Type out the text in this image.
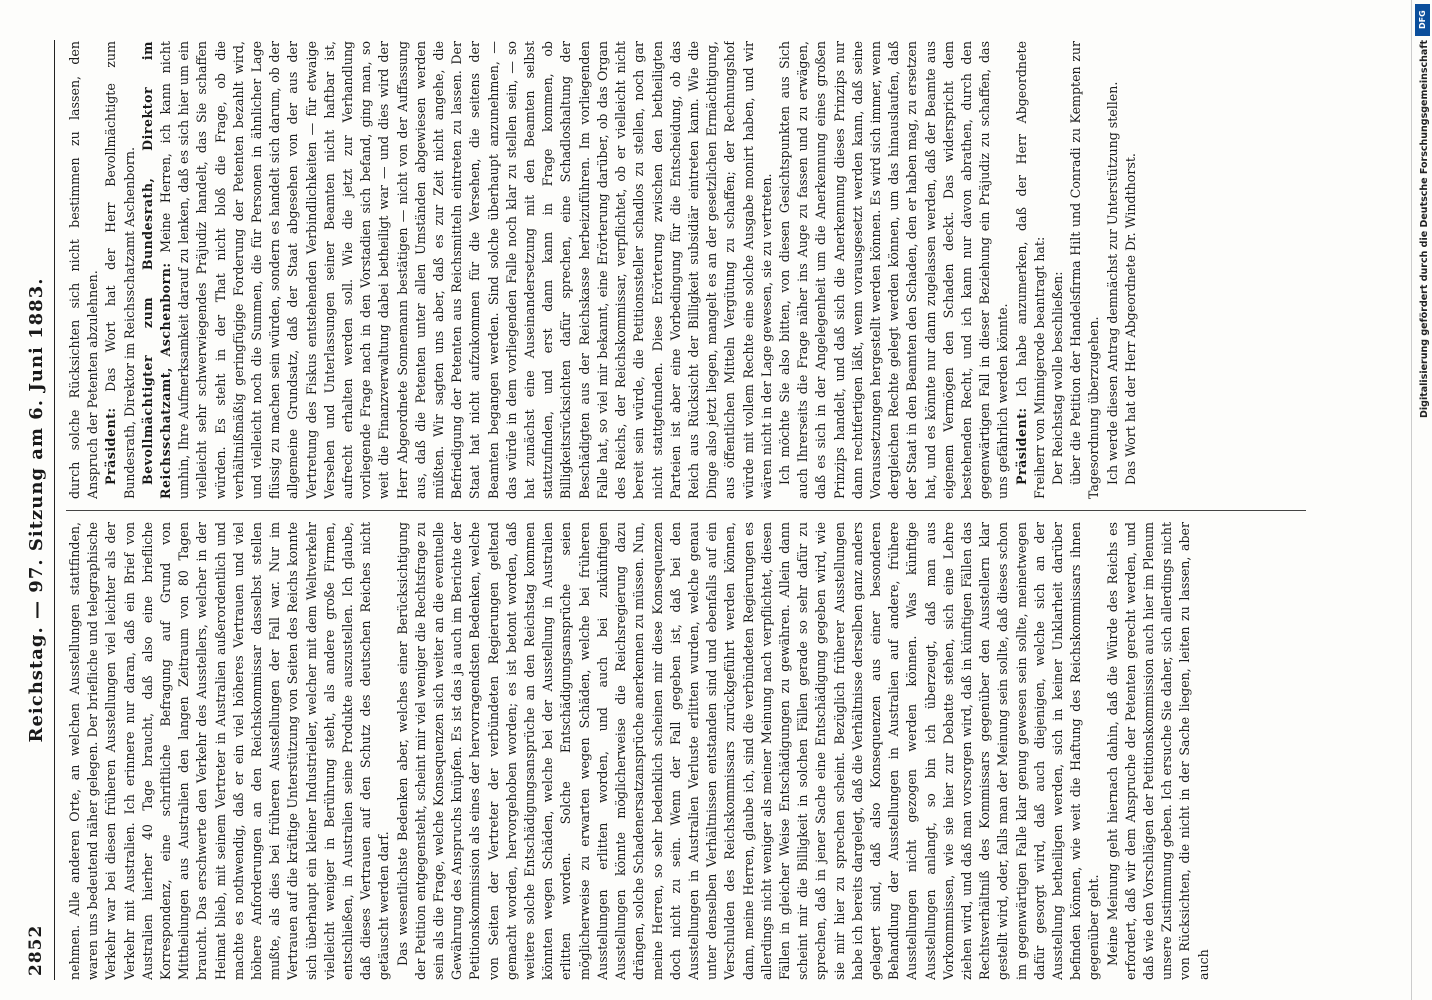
2852
Reichstag. — 97. Sitzung am 6. Juni 1883.

nehmen. Alle anderen Orte, an welchen Ausstellungen stattfinden, waren uns bedeutend näher gelegen. Der briefliche und telegraphische Verkehr war bei diesen früheren Ausstellungen viel leichter als der Verkehr mit Australien. Ich erinnere nur daran, daß ein Brief von Australien hierher 40 Tage braucht, daß also eine briefliche Korrespondenz, eine schriftliche Befragung auf Grund von Mittheilungen aus Australien den langen Zeitraum von 80 Tagen braucht. Das erschwerte den Verkehr des Ausstellers, welcher in der Heimat blieb, mit seinem Vertreter in Australien außerordentlich und machte es nothwendig, daß er ein viel höheres Vertrauen und viel höhere Anforderungen an den Reichskommissar dasselbst stellen mußte, als dies bei früheren Ausstellungen der Fall war. Nur im Vertrauen auf die kräftige Unterstützung von Seiten des Reichs konnte sich überhaupt ein kleiner Industrieller, welcher mit dem Weltverkehr vielleicht weniger in Berührung steht, als andere große Firmen, entschließen, in Australien seine Produkte auszustellen. Ich glaube, daß dieses Vertrauen auf den Schutz des deutschen Reiches nicht getäuscht werden darf. Das wesentlichste Bedenken aber, welches einer Berücksichtigung der Petition entgegensteht, scheint mir viel weniger die Rechtsfrage zu sein als die Frage, welche Konsequenzen sich weiter an die eventuelle Gewährung des Anspruchs knüpfen. Es ist das ja auch im Berichte der Petitionskommission als eines der hervorragendsten Bedenken, welche von Seiten der Vertreter der verbündeten Regierungen geltend gemacht worden, hervorgehoben worden; es ist betont worden, daß weitere solche Entschädigungsansprüche an den Reichstag kommen könnten wegen Schäden, welche bei der Ausstellung in Australien erlitten worden. Solche Entschädigungsansprüche seien möglicherweise zu erwarten wegen Schäden, welche bei früheren Ausstellungen erlitten worden, und auch bei zukünftigen Ausstellungen könnte möglicherweise die Reichsregierung dazu drängen, solche Schadenersatzansprüche anerkennen zu müssen. Nun, meine Herren, so sehr bedenklich scheinen mir diese Konsequenzen doch nicht zu sein. Wenn der Fall gegeben ist, daß bei den Ausstellungen in Australien Verluste erlitten wurden, welche genau unter denselben Verhältnissen entstanden sind und ebenfalls auf ein Verschulden des Reichskommissars zurückgeführt werden können, dann, meine Herren, glaube ich, sind die verbündeten Regierungen es allerdings nicht weniger als meiner Meinung nach verpflichtet, diesen Fällen in gleicher Weise Entschädigungen zu gewähren. Allein dann scheint mir die Billigkeit in solchen Fällen gerade so sehr dafür zu sprechen, daß in jener Sache eine Entschädigung gegeben wird, wie sie mir hier zu sprechen scheint. Bezüglich früherer Ausstellungen habe ich bereits dargelegt, daß die Verhältnisse derselben ganz anders gelagert sind, daß also Konsequenzen aus einer besonderen Behandlung der Ausstellungen in Australien auf andere, frühere Ausstellungen nicht gezogen werden können. Was künftige Ausstellungen anlangt, so bin ich überzeugt, daß man aus Vorkommnissen, wie sie hier zur Debatte stehen, sich eine Lehre ziehen wird, und daß man vorsorgen wird, daß in künftigen Fällen das Rechtsverhältniß des Kommissars gegenüber den Ausstellern klar gestellt wird, oder, falls man der Meinung sein sollte, daß dieses schon im gegenwärtigen Falle klar genug gewesen sein sollte, meinetwegen dafür gesorgt wird, daß auch diejenigen, welche sich an der Ausstellung betheiligen werden, sich in keiner Unklarheit darüber befinden können, wie weit die Haftung des Reichskommissars ihnen gegenüber geht. Meine Meinung geht hiernach dahin, daß die Würde des Reichs es erfordert, daß wir dem Anspruche der Petenten gerecht werden, und daß wie den Vorschlägen der Petitionskommission auch hier im Plenum unsere Zustimmung geben. Ich ersuche Sie daher, sich allerdings nicht von Rücksichten, die nicht in der Sache liegen, leiten zu lassen, aber auch

durch solche Rücksichten sich nicht bestimmen zu lassen, den Anspruch der Petenten abzulehnen. Präsident: Das Wort hat der Herr Bevollmächtigte zum Bundesrath, Direktor im Reichsschatzamt Aschenborn. Bevollmächtigter zum Bundesrath, Direktor im Reichsschatzamt, Aschenborn: Meine Herren, ich kann nicht umhin, Ihre Aufmerksamkeit darauf zu lenken, daß es sich hier um ein vielleicht sehr schwerwiegendes Präjudiz handelt, das Sie schaffen würden. Es steht in der That nicht bloß die Frage, ob die verhältnißmäßig geringfügige Forderung der Petenten bezahlt wird, und vielleicht noch die Summen, die für Personen in ähnlicher Lage flüssig zu machen sein würden, sondern es handelt sich darum, ob der allgemeine Grundsatz, daß der Staat abgesehen von der aus der Vertretung des Fiskus entstehenden Verbindlichkeiten — für etwaige Versehen und Unterlassungen seiner Beamten nicht haftbar ist, aufrecht erhalten werden soll. Wie die jetzt zur Verhandlung vorliegende Frage nach in den Vorstadien sich befand, ging man, so weit die Finanzverwaltung dabei betheiligt war — und dies wird der Herr Abgeordnete Sonnemann bestätigen — nicht von der Auffassung aus, daß die Petenten unter allen Umständen abgewiesen werden müßten. Wir sagten uns aber, daß es zur Zeit nicht angehe, die Befriedigung der Petenten aus Reichsmitteln eintreten zu lassen. Der Staat hat nicht aufzukommen für die Versehen, die seitens der Beamten begangen werden. Sind solche überhaupt anzunehmen, — das würde in dem vorliegenden Falle noch klar zu stellen sein, — so hat zunächst eine Auseinandersetzung mit den Beamten selbst stattzufinden, und erst dann kann in Frage kommen, ob Billigkeitsrücksichten dafür sprechen, eine Schadloshaltung der Beschädigten aus der Reichskasse herbeizuführen. Im vorliegenden Falle hat, so viel mir bekannt, eine Erörterung darüber, ob das Organ des Reichs, der Reichskommissar, verpflichtet, ob er vielleicht nicht bereit sein würde, die Petitionssteller schadlos zu stellen, noch gar nicht stattgefunden. Diese Erörterung zwischen den betheiligten Parteien ist aber eine Vorbedingung für die Entscheidung, ob das Reich aus Rücksicht der Billigkeit subsidiär eintreten kann. Wie die Dinge also jetzt liegen, mangelt es an der gesetzlichen Ermächtigung, aus öffentlichen Mitteln Vergütung zu schaffen; der Rechnungshof würde mit vollem Rechte eine solche Ausgabe monirt haben, und wir wären nicht in der Lage gewesen, sie zu vertreten. Ich möchte Sie also bitten, von diesen Gesichtspunkten aus Sich auch Ihrerseits die Frage näher ins Auge zu fassen und zu erwägen, daß es sich in der Angelegenheit um die Anerkennung eines großen Prinzips handelt, und daß sich die Anerkennung dieses Prinzips nur dann rechtfertigen läßt, wenn vorausgesetzt werden kann, daß seine Voraussetzungen hergestellt werden können. Es wird sich immer, wenn dergleichen Rechte gelegt werden können, um das hinauslaufen, daß der Staat in den Beamten den Schaden, den er haben mag, zu ersetzen hat, und es könnte nur dann zugelassen werden, daß der Beamte aus eigenem Vermögen den Schaden deckt. Das widerspricht dem bestehenden Recht, und ich kann nur davon abrathen, durch den gegenwärtigen Fall in dieser Beziehung ein Präjudiz zu schaffen, das uns gefährlich werden könnte. Präsident: Ich habe anzumerken, daß der Herr Abgeordnete Freiherr von Minnigerode beantragt hat: Der Reichstag wolle beschließen: über die Petition der Handelsfirma Hilt und Conradi zu Kempten zur Tagesordnung überzugehen. Ich werde diesen Antrag demnächst zur Unterstützung stellen. Das Wort hat der Herr Abgeordnete Dr. Windthorst.

DFG
Digitalisierung gefördert durch die Deutsche Forschungsgemeinschaft
